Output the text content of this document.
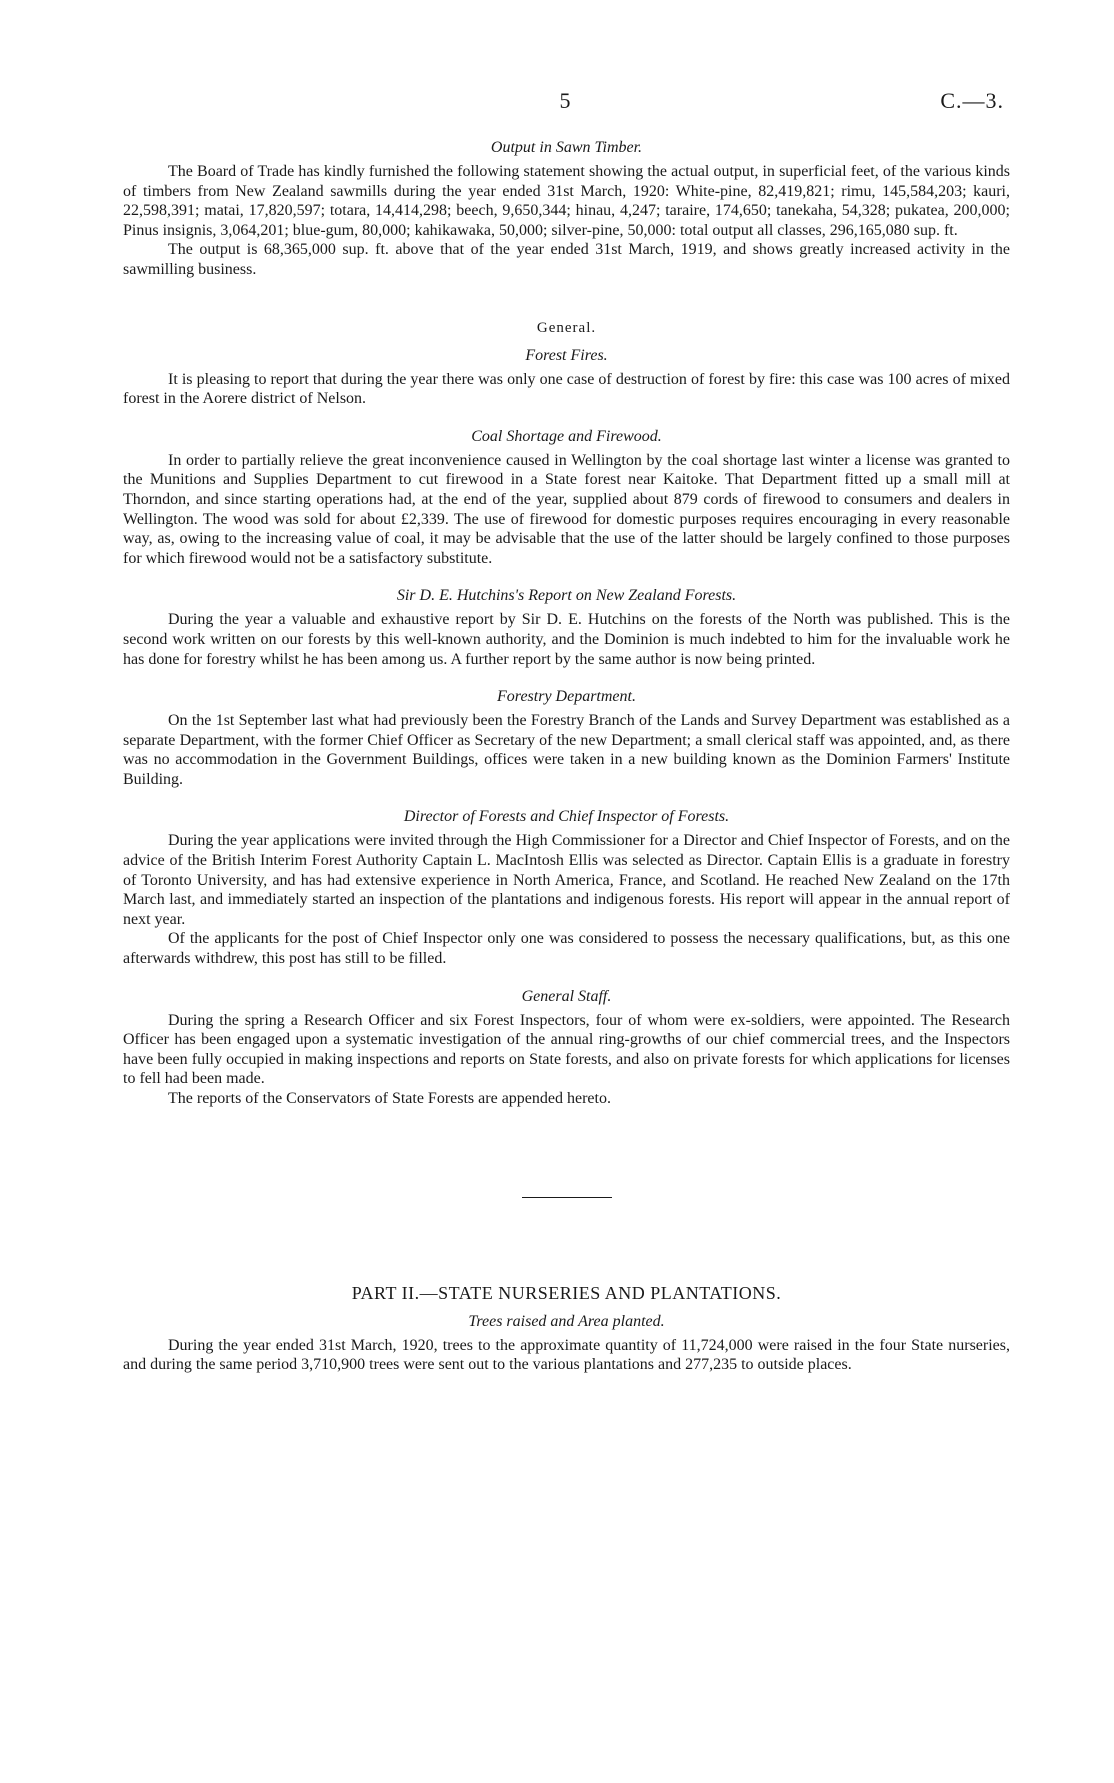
5	C.—3.
Output in Sawn Timber.

The Board of Trade has kindly furnished the following statement showing the actual output, in superficial feet, of the various kinds of timbers from New Zealand sawmills during the year ended 31st March, 1920: White-pine, 82,419,821; rimu, 145,584,203; kauri, 22,598,391; matai, 17,820,597; totara, 14,414,298; beech, 9,650,344; hinau, 4,247; taraire, 174,650; tanekaha, 54,328; pukatea, 200,000; Pinus insignis, 3,064,201; blue-gum, 80,000; kahikawaka, 50,000; silver-pine, 50,000: total output all classes, 296,165,080 sup. ft.

The output is 68,365,000 sup. ft. above that of the year ended 31st March, 1919, and shows greatly increased activity in the sawmilling business.

General.
Forest Fires.

It is pleasing to report that during the year there was only one case of destruction of forest by fire: this case was 100 acres of mixed forest in the Aorere district of Nelson.

Coal Shortage and Firewood.

In order to partially relieve the great inconvenience caused in Wellington by the coal shortage last winter a license was granted to the Munitions and Supplies Department to cut firewood in a State forest near Kaitoke. That Department fitted up a small mill at Thorndon, and since starting operations had, at the end of the year, supplied about 879 cords of firewood to consumers and dealers in Wellington. The wood was sold for about £2,339. The use of firewood for domestic purposes requires encouraging in every reasonable way, as, owing to the increasing value of coal, it may be advisable that the use of the latter should be largely confined to those purposes for which firewood would not be a satisfactory substitute.

Sir D. E. Hutchins's Report on New Zealand Forests.

During the year a valuable and exhaustive report by Sir D. E. Hutchins on the forests of the North was published. This is the second work written on our forests by this well-known authority, and the Dominion is much indebted to him for the invaluable work he has done for forestry whilst he has been among us. A further report by the same author is now being printed.

Forestry Department.

On the 1st September last what had previously been the Forestry Branch of the Lands and Survey Department was established as a separate Department, with the former Chief Officer as Secretary of the new Department; a small clerical staff was appointed, and, as there was no accommodation in the Government Buildings, offices were taken in a new building known as the Dominion Farmers' Institute Building.

Director of Forests and Chief Inspector of Forests.

During the year applications were invited through the High Commissioner for a Director and Chief Inspector of Forests, and on the advice of the British Interim Forest Authority Captain L. MacIntosh Ellis was selected as Director. Captain Ellis is a graduate in forestry of Toronto University, and has had extensive experience in North America, France, and Scotland. He reached New Zealand on the 17th March last, and immediately started an inspection of the plantations and indigenous forests. His report will appear in the annual report of next year.

Of the applicants for the post of Chief Inspector only one was considered to possess the necessary qualifications, but, as this one afterwards withdrew, this post has still to be filled.

General Staff.

During the spring a Research Officer and six Forest Inspectors, four of whom were ex-soldiers, were appointed. The Research Officer has been engaged upon a systematic investigation of the annual ring-growths of our chief commercial trees, and the Inspectors have been fully occupied in making inspections and reports on State forests, and also on private forests for which applications for licenses to fell had been made.

The reports of the Conservators of State Forests are appended hereto.

PART II.—STATE NURSERIES AND PLANTATIONS.
Trees raised and Area planted.

During the year ended 31st March, 1920, trees to the approximate quantity of 11,724,000 were raised in the four State nurseries, and during the same period 3,710,900 trees were sent out to the various plantations and 277,235 to outside places.
